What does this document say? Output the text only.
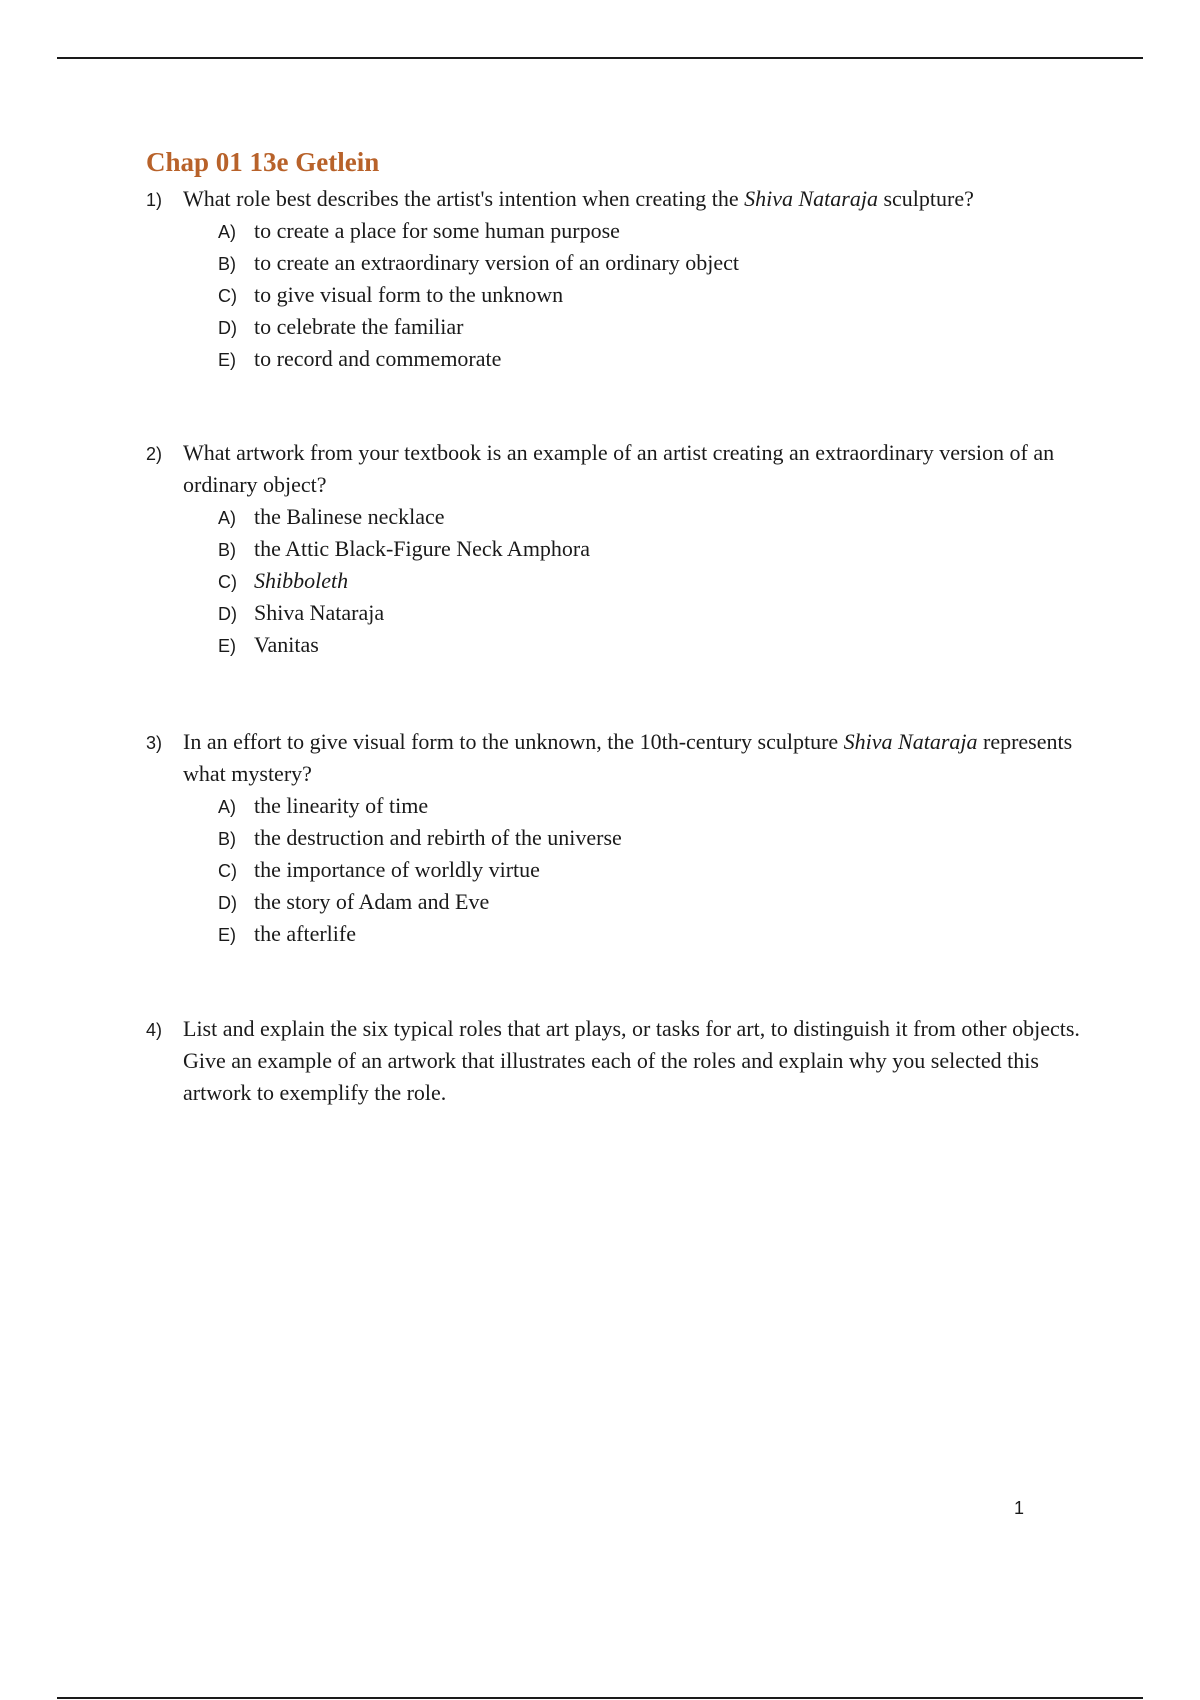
Chap 01 13e Getlein
1) What role best describes the artist's intention when creating the Shiva Nataraja sculpture?
A) to create a place for some human purpose
B) to create an extraordinary version of an ordinary object
C) to give visual form to the unknown
D) to celebrate the familiar
E) to record and commemorate
2) What artwork from your textbook is an example of an artist creating an extraordinary version of an ordinary object?
A) the Balinese necklace
B) the Attic Black-Figure Neck Amphora
C) Shibboleth
D) Shiva Nataraja
E) Vanitas
3) In an effort to give visual form to the unknown, the 10th-century sculpture Shiva Nataraja represents what mystery?
A) the linearity of time
B) the destruction and rebirth of the universe
C) the importance of worldly virtue
D) the story of Adam and Eve
E) the afterlife
4) List and explain the six typical roles that art plays, or tasks for art, to distinguish it from other objects. Give an example of an artwork that illustrates each of the roles and explain why you selected this artwork to exemplify the role.
1
